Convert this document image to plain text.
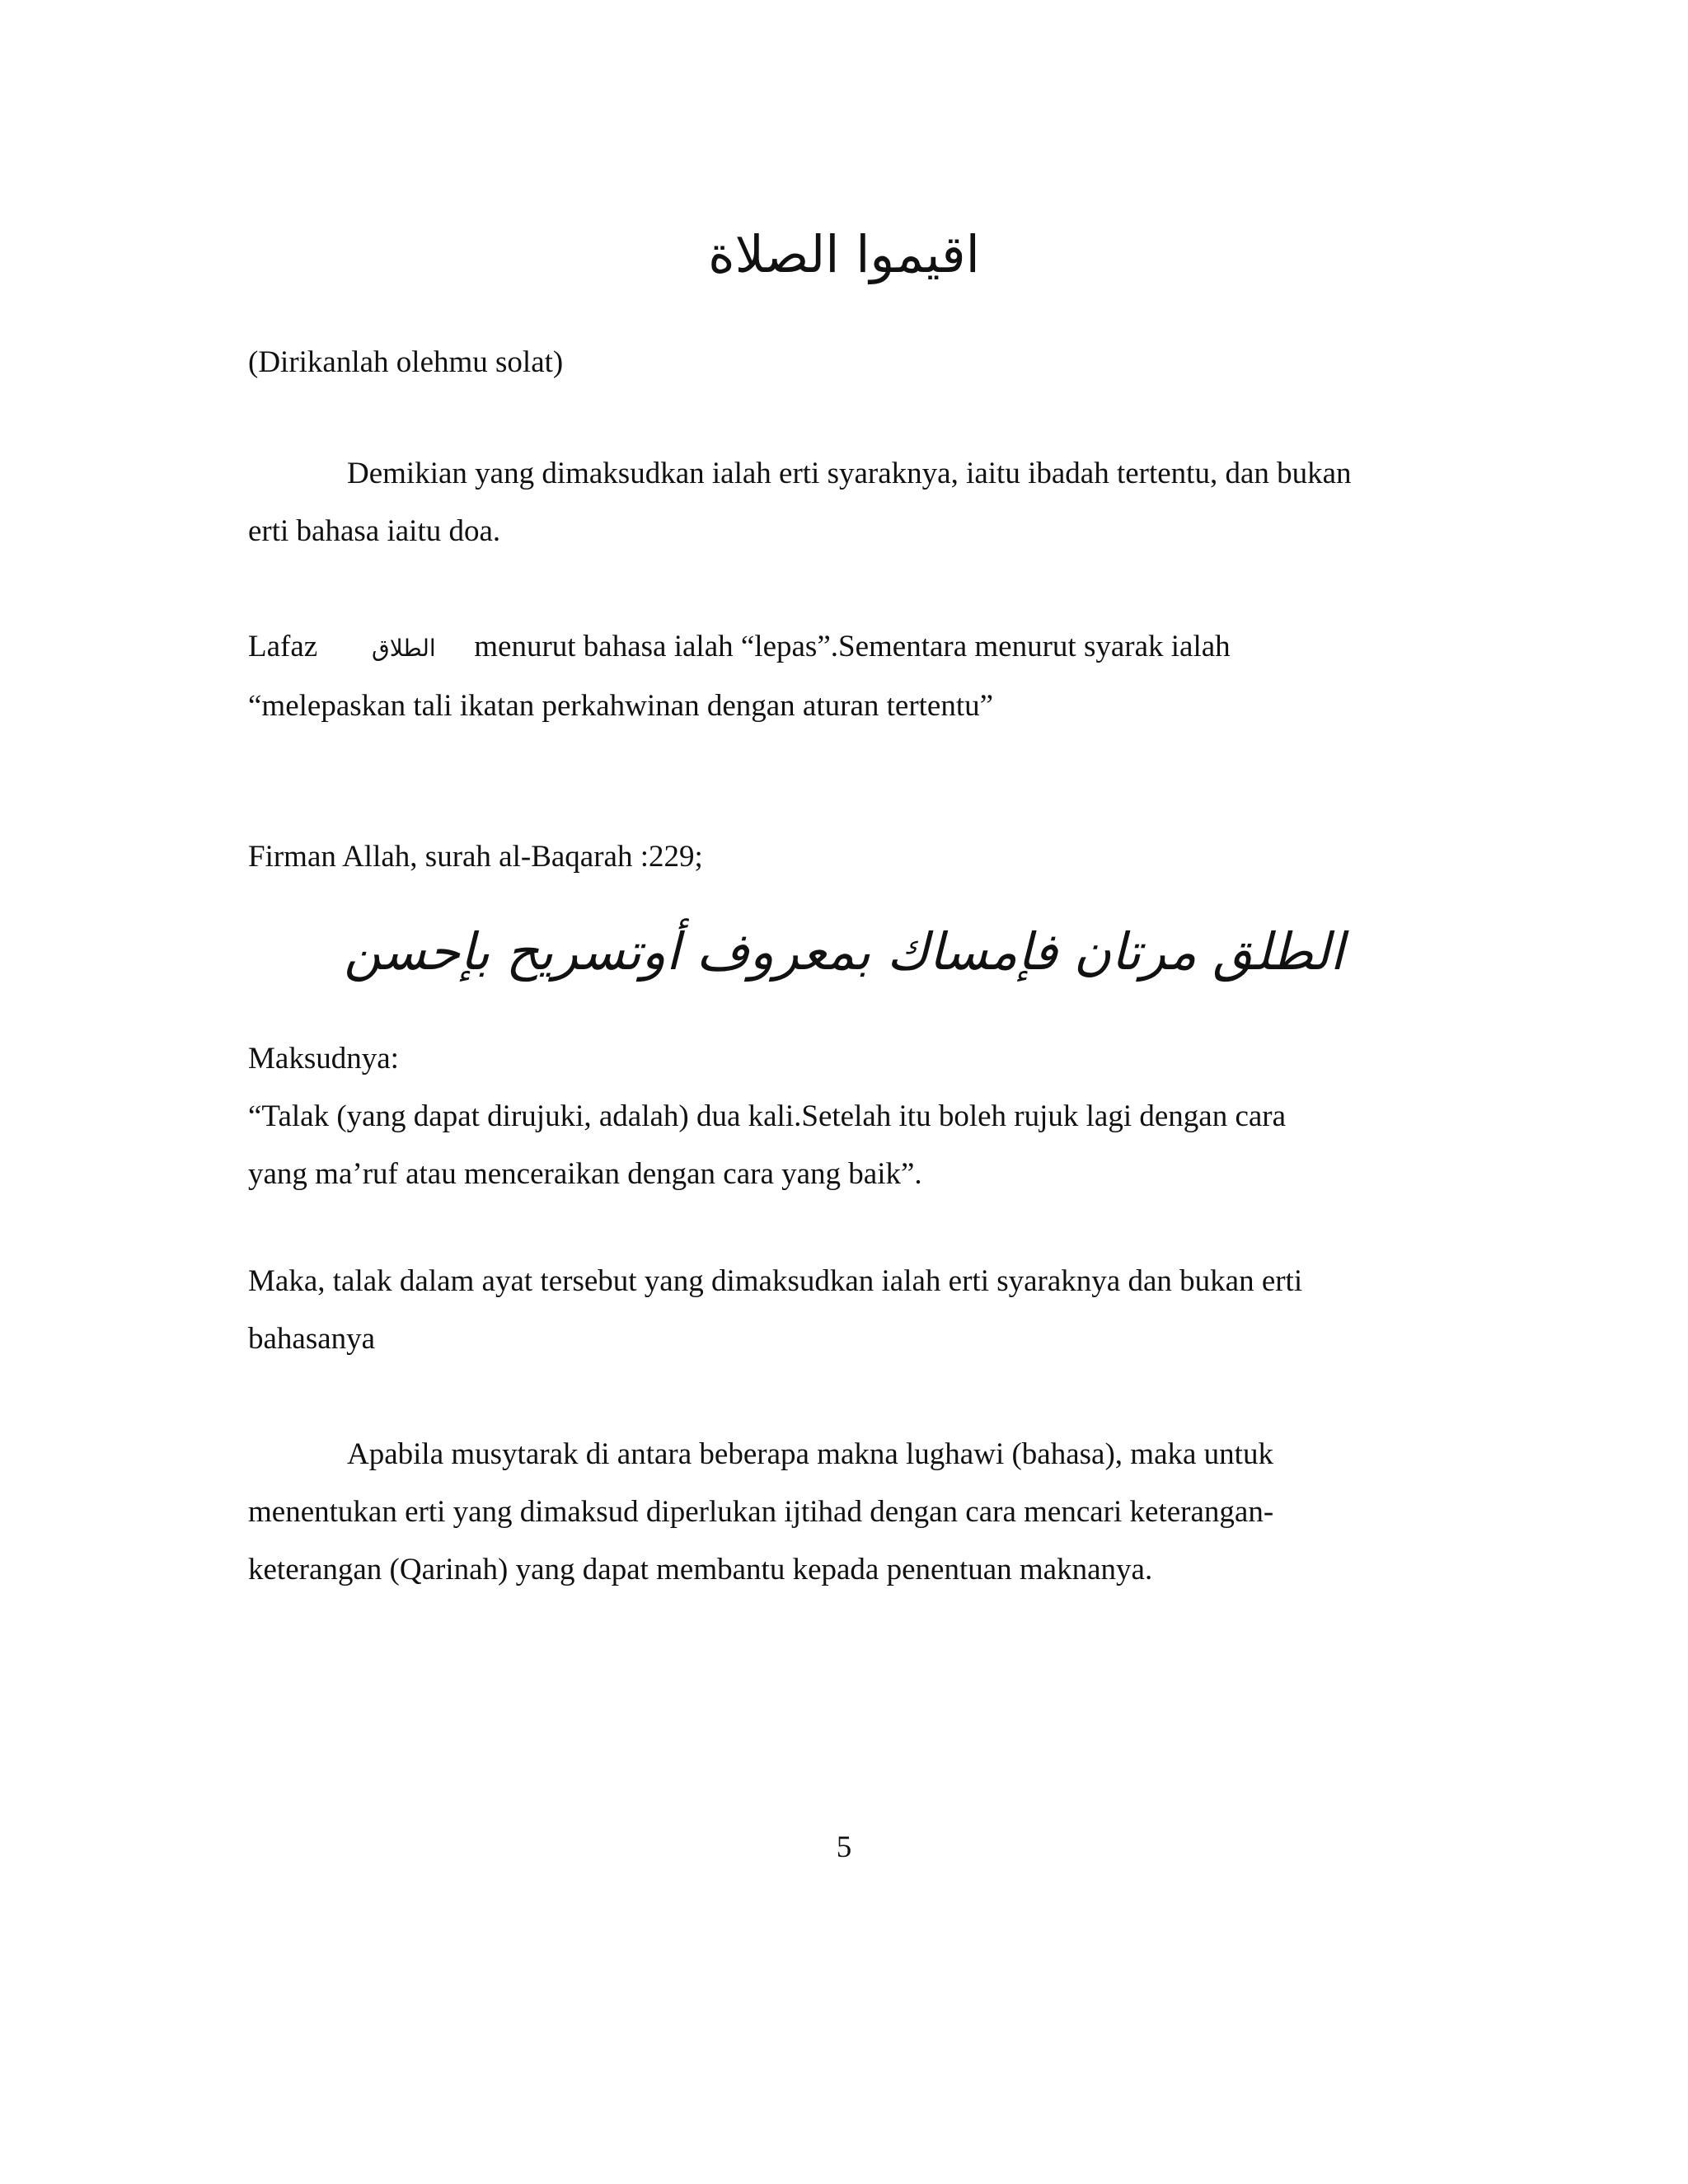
اقيموا الصلاة

(Dirikanlah olehmu solat)

Demikian yang dimaksudkan ialah erti syaraknya, iaitu ibadah tertentu, dan bukan
erti bahasa iaitu doa.

Lafaz الطلاق menurut bahasa ialah “lepas”.Sementara menurut syarak ialah
“melepaskan tali ikatan perkahwinan dengan aturan tertentu”

Firman Allah, surah al-Baqarah :229;

الطلق مرتان فإمساك بمعروف أوتسريح بإحسن

Maksudnya:
“Talak (yang dapat dirujuki, adalah) dua kali.Setelah itu boleh rujuk lagi dengan cara
yang ma’ruf atau menceraikan dengan cara yang baik”.

Maka, talak dalam ayat tersebut yang dimaksudkan ialah erti syaraknya dan bukan erti
bahasanya

Apabila musytarak di antara beberapa makna lughawi (bahasa), maka untuk
menentukan erti yang dimaksud diperlukan ijtihad dengan cara mencari keterangan-
keterangan (Qarinah) yang dapat membantu kepada penentuan maknanya.

5
